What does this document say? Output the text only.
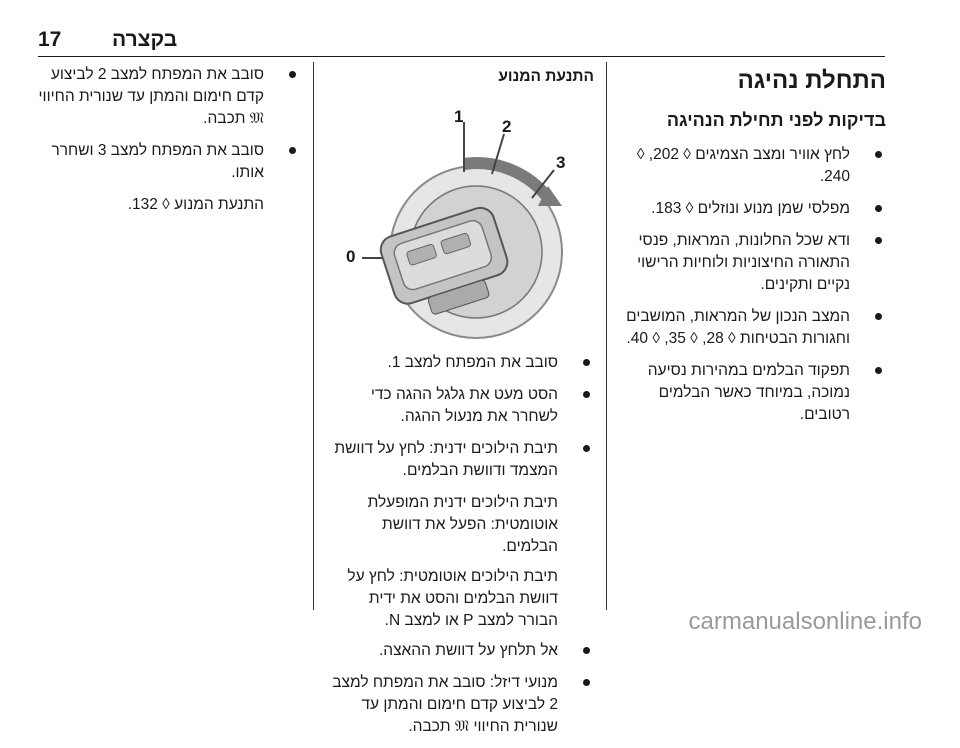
17 בקצרה
התחלת נהיגה
בדיקות לפני תחילת הנהיגה
לחץ אוויר ומצב הצמיגים ◊ 202, ◊ 240.
מפלסי שמן מנוע ונוזלים ◊ 183.
ודא שכל החלונות, המראות, פנסי התאורה החיצוניות ולוחיות הרישוי נקיים ותקינים.
המצב הנכון של המראות, המושבים וחגורות הבטיחות ◊ 28, ◊ 35, ◊ 40.
תפקוד הבלמים במהירות נסיעה נמוכה, במיוחד כאשר הבלמים רטובים.
התנעת המנוע
1
2
3
0
סובב את המפתח למצב 1.
הסט מעט את גלגל ההגה כדי לשחרר את מנעול ההגה.
תיבת הילוכים ידנית: לחץ על דוושת המצמד ודוושת הבלמים.
תיבת הילוכים ידנית המופעלת אוטומטית: הפעל את דוושת הבלמים.
תיבת הילוכים אוטומטית: לחץ על דוושת הבלמים והסט את ידית הבורר למצב P או למצב N.
אל תלחץ על דוושת ההאצה.
מנועי דיזל: סובב את המפתח למצב 2 לביצוע קדם חימום והמתן עד שנורית החיווי 𝔐 תכבה.
סובב את המפתח למצב 2 לביצוע קדם חימום והמתן עד שנורית החיווי 𝔐 תכבה.
סובב את המפתח למצב 3 ושחרר אותו.
התנעת המנוע ◊ 132.
carmanualsonline.info
